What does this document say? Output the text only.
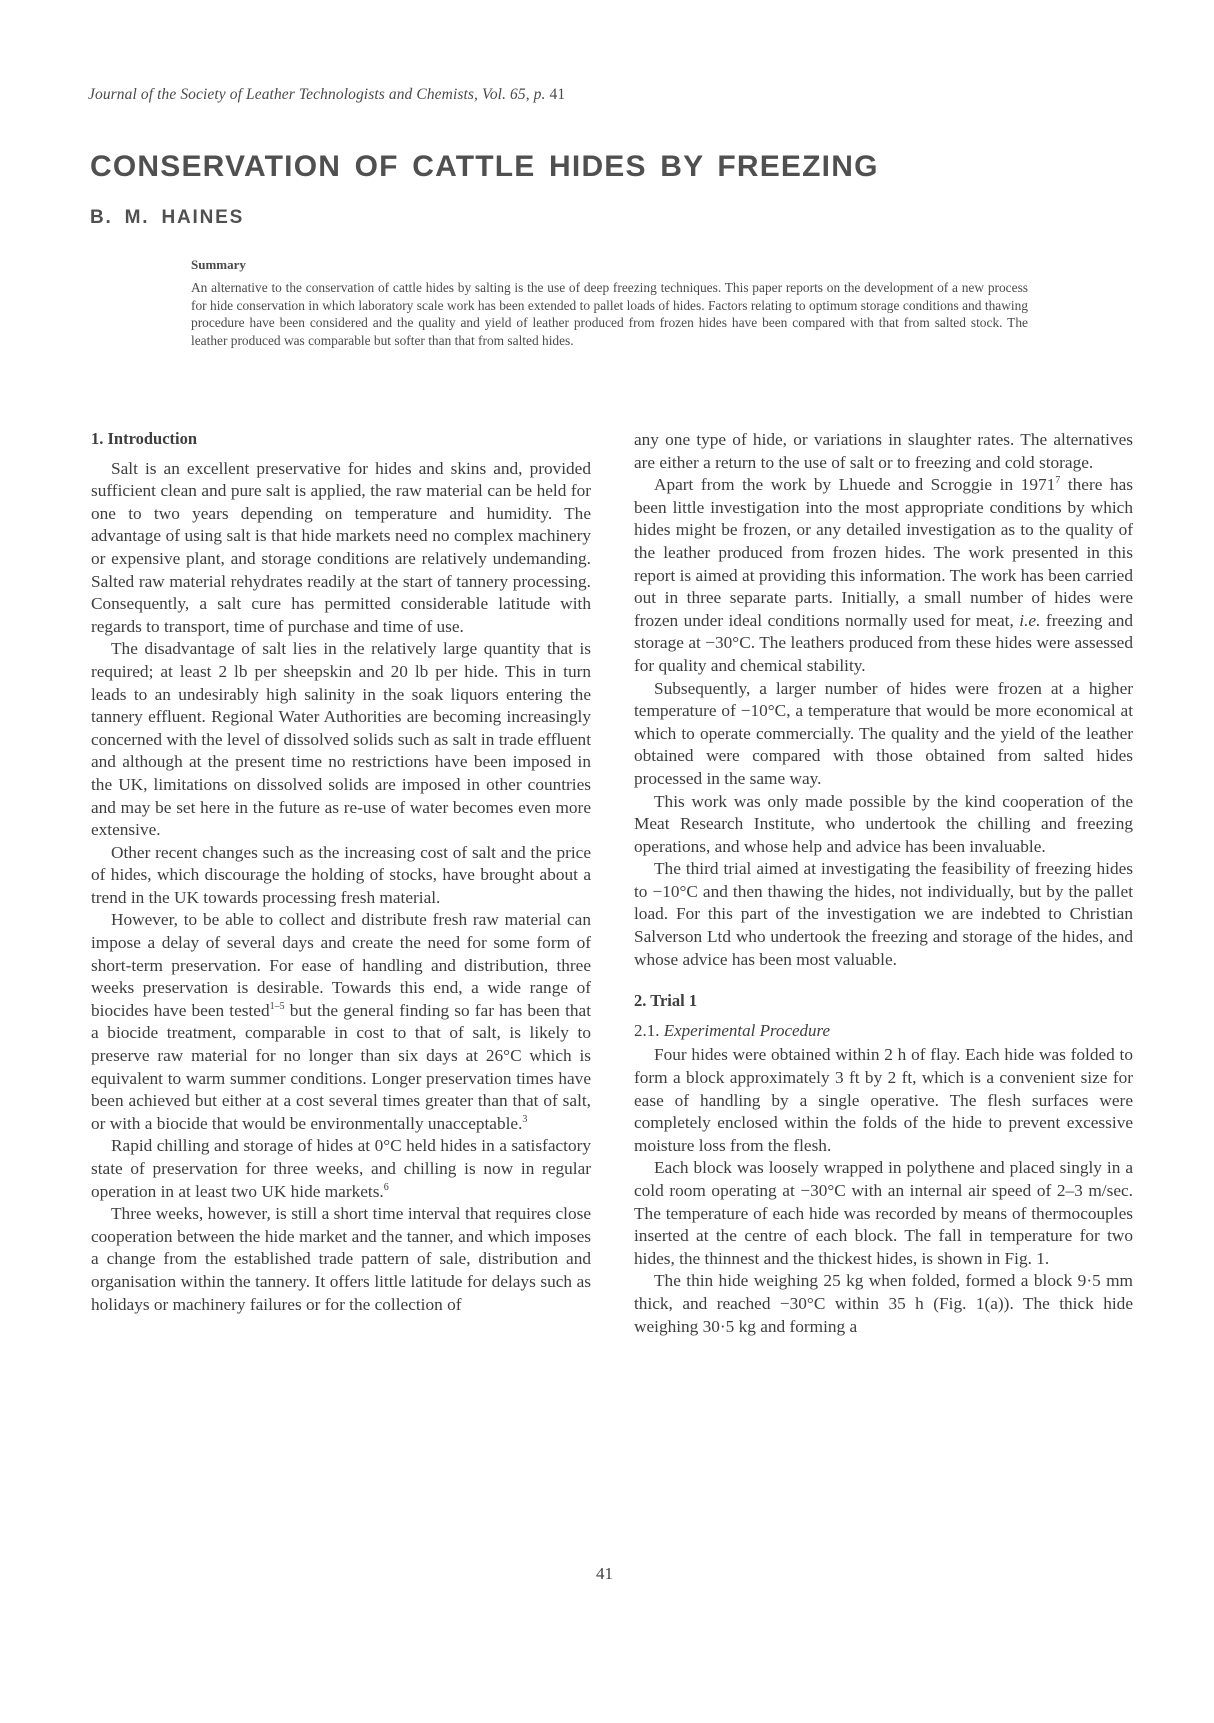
Journal of the Society of Leather Technologists and Chemists, Vol. 65, p. 41
CONSERVATION OF CATTLE HIDES BY FREEZING
B. M. HAINES
Summary

An alternative to the conservation of cattle hides by salting is the use of deep freezing techniques. This paper reports on the development of a new process for hide conservation in which laboratory scale work has been extended to pallet loads of hides. Factors relating to optimum storage conditions and thawing procedure have been considered and the quality and yield of leather produced from frozen hides have been compared with that from salted stock. The leather produced was comparable but softer than that from salted hides.

1. Introduction

Salt is an excellent preservative for hides and skins and, provided sufficient clean and pure salt is applied, the raw material can be held for one to two years depending on temperature and humidity. The advantage of using salt is that hide markets need no complex machinery or expensive plant, and storage conditions are relatively undemanding. Salted raw material rehydrates readily at the start of tannery processing. Consequently, a salt cure has permitted considerable latitude with regards to transport, time of purchase and time of use.

The disadvantage of salt lies in the relatively large quantity that is required; at least 2 lb per sheepskin and 20 lb per hide. This in turn leads to an undesirably high salinity in the soak liquors entering the tannery effluent. Regional Water Authorities are becoming increasingly concerned with the level of dissolved solids such as salt in trade effluent and although at the present time no restrictions have been imposed in the UK, limitations on dissolved solids are imposed in other countries and may be set here in the future as re-use of water becomes even more extensive.

Other recent changes such as the increasing cost of salt and the price of hides, which discourage the holding of stocks, have brought about a trend in the UK towards processing fresh material.

However, to be able to collect and distribute fresh raw material can impose a delay of several days and create the need for some form of short-term preservation. For ease of handling and distribution, three weeks preservation is desirable. Towards this end, a wide range of biocides have been tested$^{1-5}$ but the general finding so far has been that a biocide treatment, comparable in cost to that of salt, is likely to preserve raw material for no longer than six days at 26°C which is equivalent to warm summer conditions. Longer preservation times have been achieved but either at a cost several times greater than that of salt, or with a biocide that would be environmentally unacceptable.$^3$

Rapid chilling and storage of hides at 0°C held hides in a satisfactory state of preservation for three weeks, and chilling is now in regular operation in at least two UK hide markets.$^6$

Three weeks, however, is still a short time interval that requires close cooperation between the hide market and the tanner, and which imposes a change from the established trade pattern of sale, distribution and organisation within the tannery. It offers little latitude for delays such as holidays or machinery failures or for the collection of

any one type of hide, or variations in slaughter rates. The alternatives are either a return to the use of salt or to freezing and cold storage.

Apart from the work by Lhuede and Scroggie in 1971$^7$ there has been little investigation into the most appropriate conditions by which hides might be frozen, or any detailed investigation as to the quality of the leather produced from frozen hides. The work presented in this report is aimed at providing this information. The work has been carried out in three separate parts. Initially, a small number of hides were frozen under ideal conditions normally used for meat, i.e. freezing and storage at −30°C. The leathers produced from these hides were assessed for quality and chemical stability.

Subsequently, a larger number of hides were frozen at a higher temperature of −10°C, a temperature that would be more economical at which to operate commercially. The quality and the yield of the leather obtained were compared with those obtained from salted hides processed in the same way.

This work was only made possible by the kind cooperation of the Meat Research Institute, who undertook the chilling and freezing operations, and whose help and advice has been invaluable.

The third trial aimed at investigating the feasibility of freezing hides to −10°C and then thawing the hides, not individually, but by the pallet load. For this part of the investigation we are indebted to Christian Salverson Ltd who undertook the freezing and storage of the hides, and whose advice has been most valuable.

2. Trial 1
2.1. Experimental Procedure

Four hides were obtained within 2 h of flay. Each hide was folded to form a block approximately 3 ft by 2 ft, which is a convenient size for ease of handling by a single operative. The flesh surfaces were completely enclosed within the folds of the hide to prevent excessive moisture loss from the flesh.

Each block was loosely wrapped in polythene and placed singly in a cold room operating at −30°C with an internal air speed of 2–3 m/sec. The temperature of each hide was recorded by means of thermocouples inserted at the centre of each block. The fall in temperature for two hides, the thinnest and the thickest hides, is shown in Fig. 1.

The thin hide weighing 25 kg when folded, formed a block 9·5 mm thick, and reached −30°C within 35 h (Fig. 1(a)). The thick hide weighing 30·5 kg and forming a

41
